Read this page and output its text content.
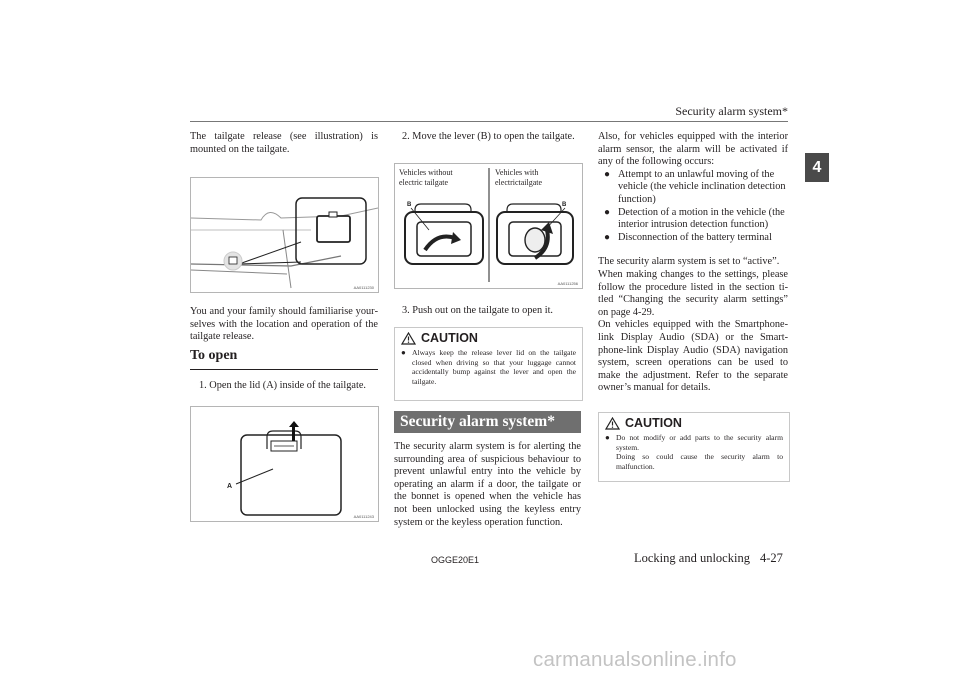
Security alarm system*
4

The tailgate release (see illustration) is mounted on the tailgate.

AA0111230

You and your family should familiarise yourselves with the location and operation of the tailgate release.

To open

1. Open the lid (A) inside of the tailgate.

A
AA0111243

2. Move the lever (B) to open the tailgate.

Vehicles without electric tailgate
Vehicles with electrictailgate
B	B
AA0111256

3. Push out on the tailgate to open it.

CAUTION
● Always keep the release lever lid on the tailgate closed when driving so that your luggage cannot accidentally bump against the lever and open the tailgate.
Security alarm system*

The security alarm system is for alerting the surrounding area of suspicious behaviour to prevent unlawful entry into the vehicle by operating an alarm if a door, the tailgate or the bonnet is opened when the vehicle has not been unlocked using the keyless entry system or the keyless operation function.

Also, for vehicles equipped with the interior alarm sensor, the alarm will be activated if any of the following occurs:

● Attempt to an unlawful moving of the vehicle (the vehicle inclination detection function)
● Detection of a motion in the vehicle (the interior intrusion detection function)
● Disconnection of the battery terminal

The security alarm system is set to “active”.

When making changes to the settings, please follow the procedure listed in the section titled “Changing the security alarm settings” on page 4-29.

On vehicles equipped with the Smartphone-link Display Audio (SDA) or the Smartphone-link Display Audio (SDA) navigation system, screen operations can be used to make the adjustment. Refer to the separate owner’s manual for details.

CAUTION
● Do not modify or add parts to the security alarm system.
Doing so could cause the security alarm to malfunction.
OGGE20E1	Locking and unlocking 4-27
carmanualsonline.info
